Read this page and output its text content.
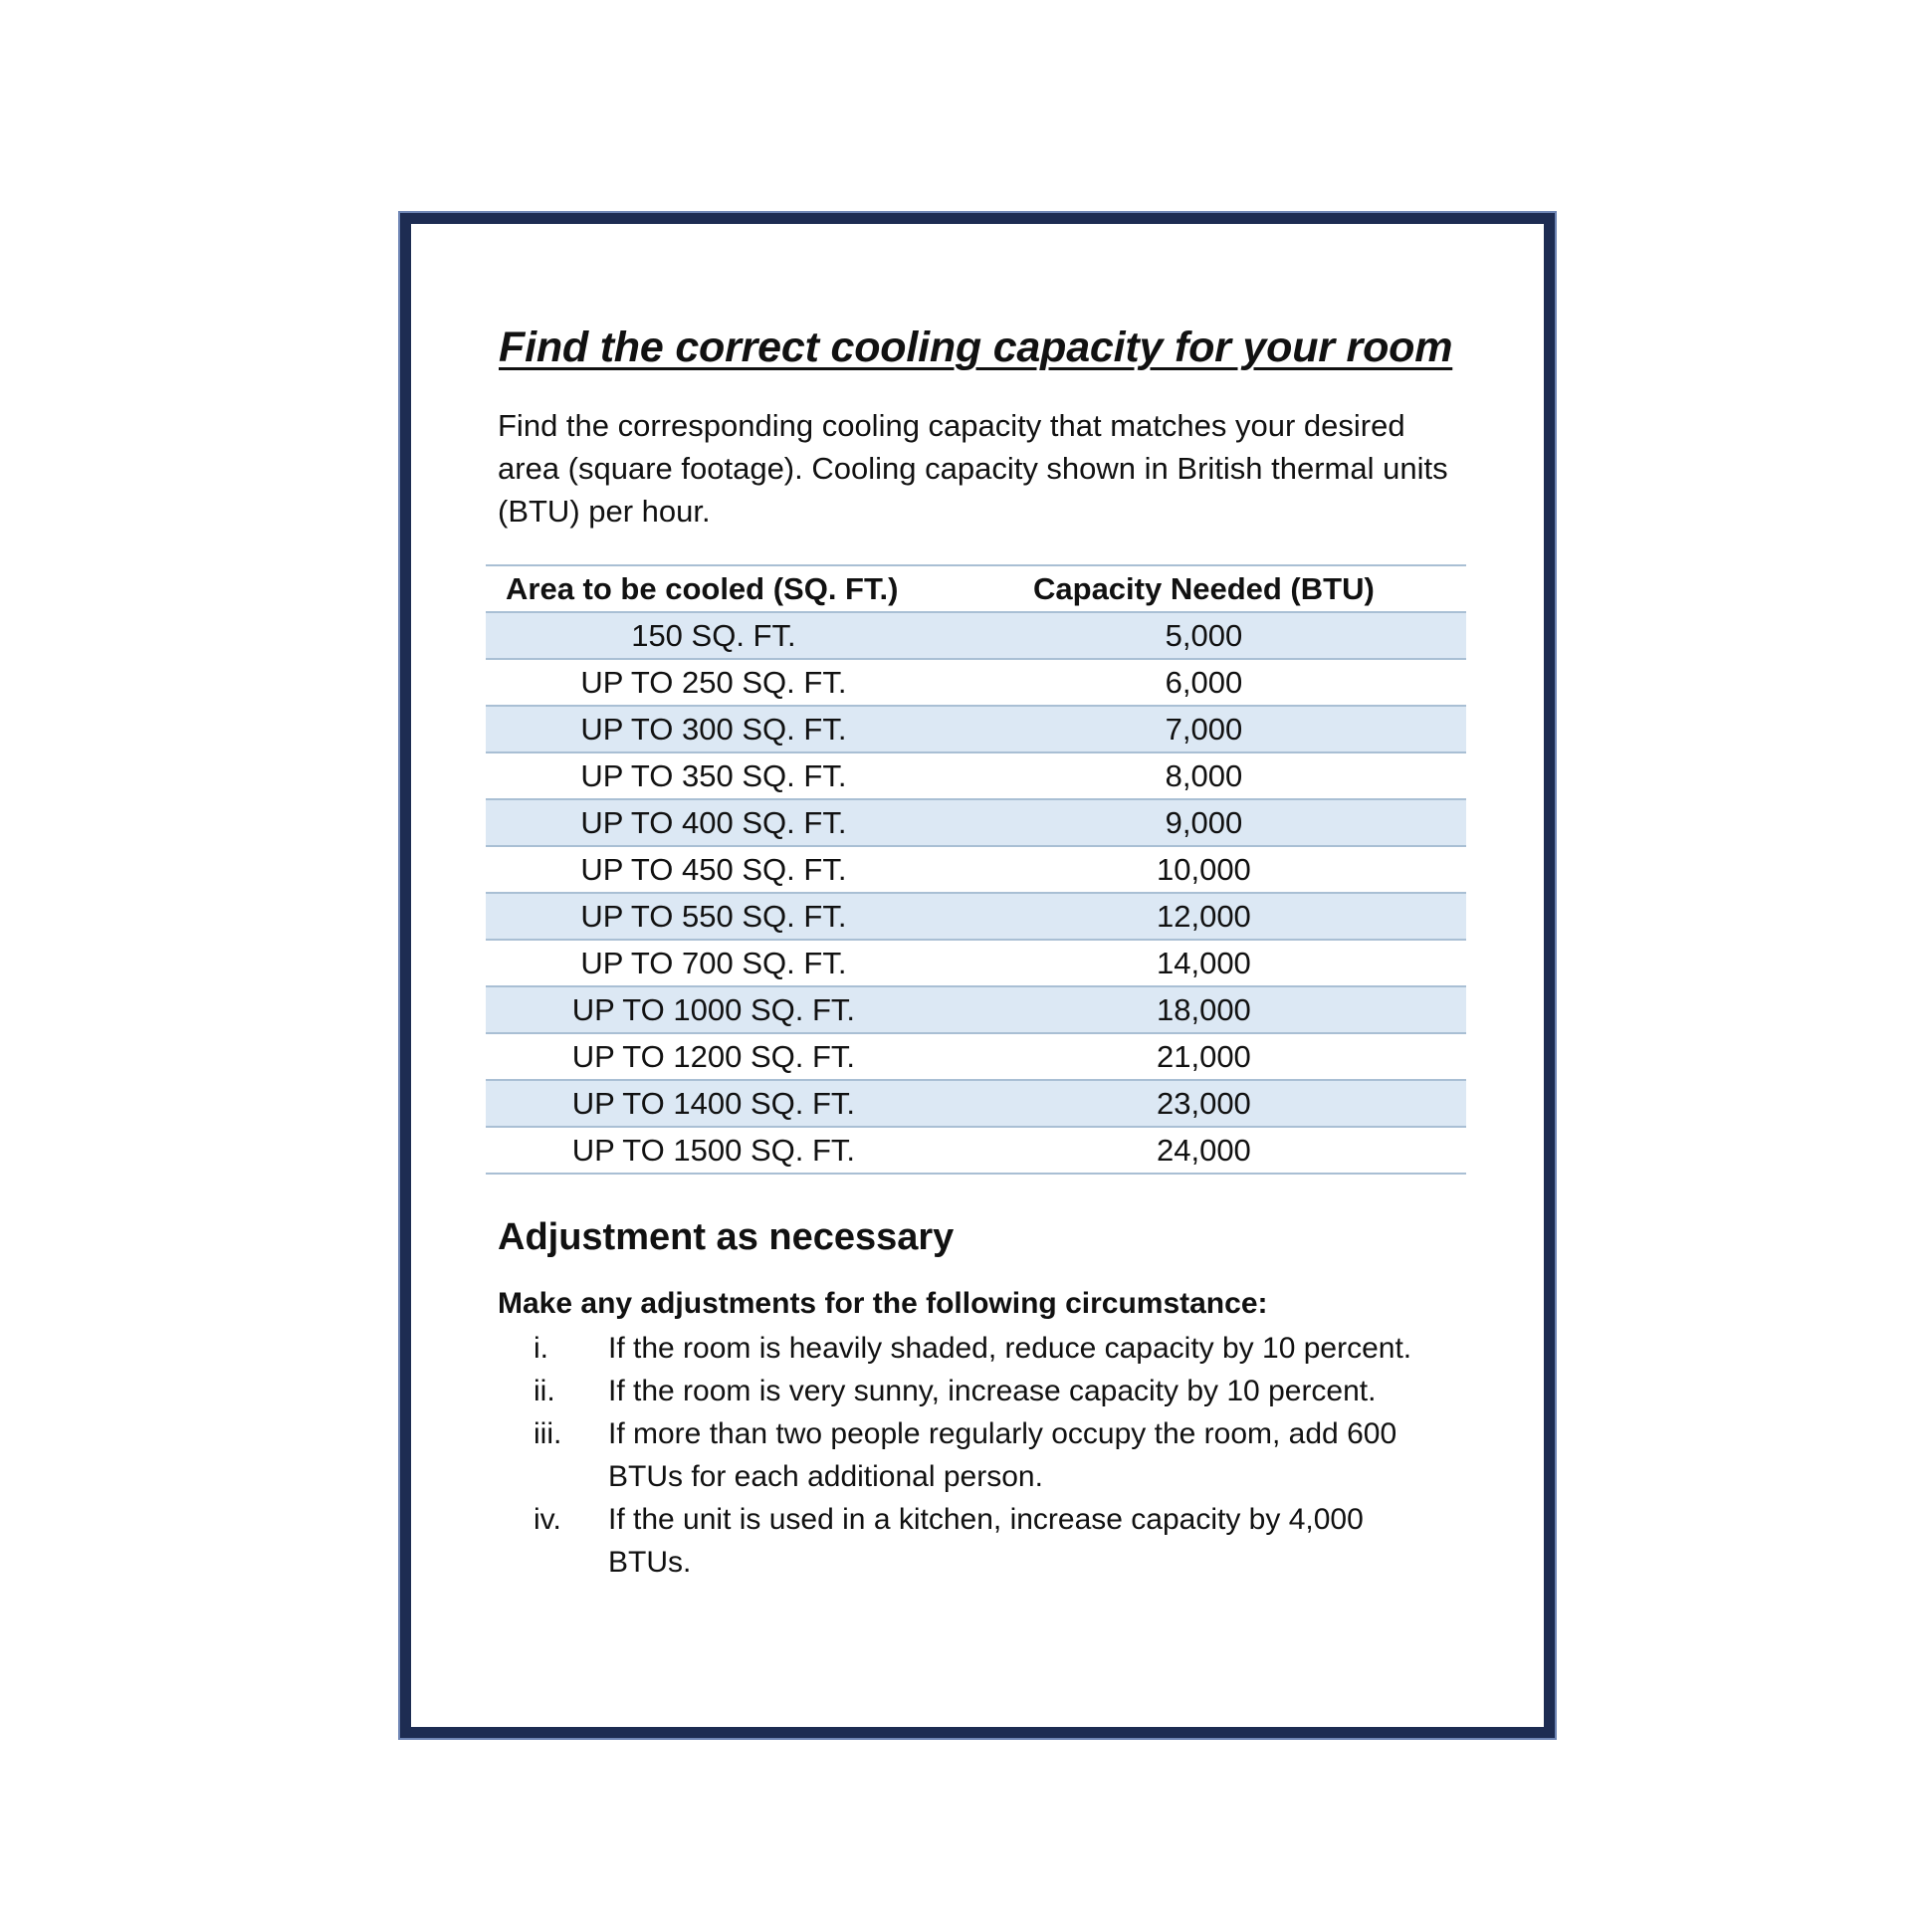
Find the correct cooling capacity for your room

Find the corresponding cooling capacity that matches your desired area (square footage). Cooling capacity shown in British thermal units (BTU) per hour.

Area to be cooled (SQ. FT.)	Capacity Needed (BTU)
150 SQ. FT.	5,000
UP TO 250 SQ. FT.	6,000
UP TO 300 SQ. FT.	7,000
UP TO 350 SQ. FT.	8,000
UP TO 400 SQ. FT.	9,000
UP TO 450 SQ. FT.	10,000
UP TO 550 SQ. FT.	12,000
UP TO 700 SQ. FT.	14,000
UP TO 1000 SQ. FT.	18,000
UP TO 1200 SQ. FT.	21,000
UP TO 1400 SQ. FT.	23,000
UP TO 1500 SQ. FT.	24,000
Adjustment as necessary

Make any adjustments for the following circumstance:

i.	If the room is heavily shaded, reduce capacity by 10 percent.
ii.	If the room is very sunny, increase capacity by 10 percent.
iii.	If more than two people regularly occupy the room, add 600 BTUs for each additional person.
iv.	If the unit is used in a kitchen, increase capacity by 4,000 BTUs.
